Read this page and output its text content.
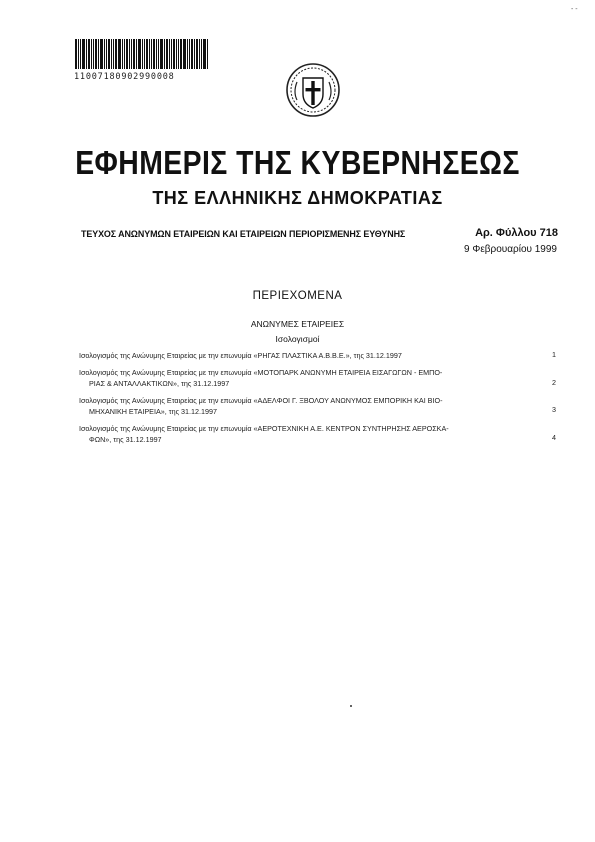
- -
11007180902990008
ΕΦΗΜΕΡΙΣ ΤΗΣ ΚΥΒΕΡΝΗΣΕΩΣ
ΤΗΣ ΕΛΛΗΝΙΚΗΣ ΔΗΜΟΚΡΑΤΙΑΣ
ΤΕΥΧΟΣ ΑΝΩΝΥΜΩΝ ΕΤΑΙΡΕΙΩΝ ΚΑΙ ΕΤΑΙΡΕΙΩΝ ΠΕΡΙΟΡΙΣΜΕΝΗΣ ΕΥΘΥΝΗΣ	Αρ. Φύλλου 718
9 Φεβρουαρίου 1999
ΠΕΡΙΕΧΟΜΕΝΑ
ΑΝΩΝΥΜΕΣ ΕΤΑΙΡΕΙΕΣ
Ισολογισμοί
Ισολογισμός της Ανώνυμης Εταιρείας με την επωνυμία «ΡΗΓΑΣ ΠΛΑΣΤΙΚΑ Α.Β.Β.Ε.», της 31.12.1997	1
Ισολογισμός της Ανώνυμης Εταιρείας με την επωνυμία «ΜΟΤΟΠΑΡΚ ΑΝΩΝΥΜΗ ΕΤΑΙΡΕΙΑ ΕΙΣΑΓΩΓΩΝ - ΕΜΠΟ-
ΡΙΑΣ & ΑΝΤΑΛΛΑΚΤΙΚΩΝ», της 31.12.1997	2
Ισολογισμός της Ανώνυμης Εταιρείας με την επωνυμία «ΑΔΕΛΦΟΙ Γ. ΞΒΟΛΟΥ ΑΝΩΝΥΜΟΣ ΕΜΠΟΡΙΚΗ ΚΑΙ ΒΙΟ-
ΜΗΧΑΝΙΚΗ ΕΤΑΙΡΕΙΑ», της 31.12.1997	3
Ισολογισμός της Ανώνυμης Εταιρείας με την επωνυμία «ΑΕΡΟΤΕΧΝΙΚΗ Α.Ε. ΚΕΝΤΡΟΝ ΣΥΝΤΗΡΗΣΗΣ ΑΕΡΟΣΚΑ-
ΦΩΝ», της 31.12.1997	4
